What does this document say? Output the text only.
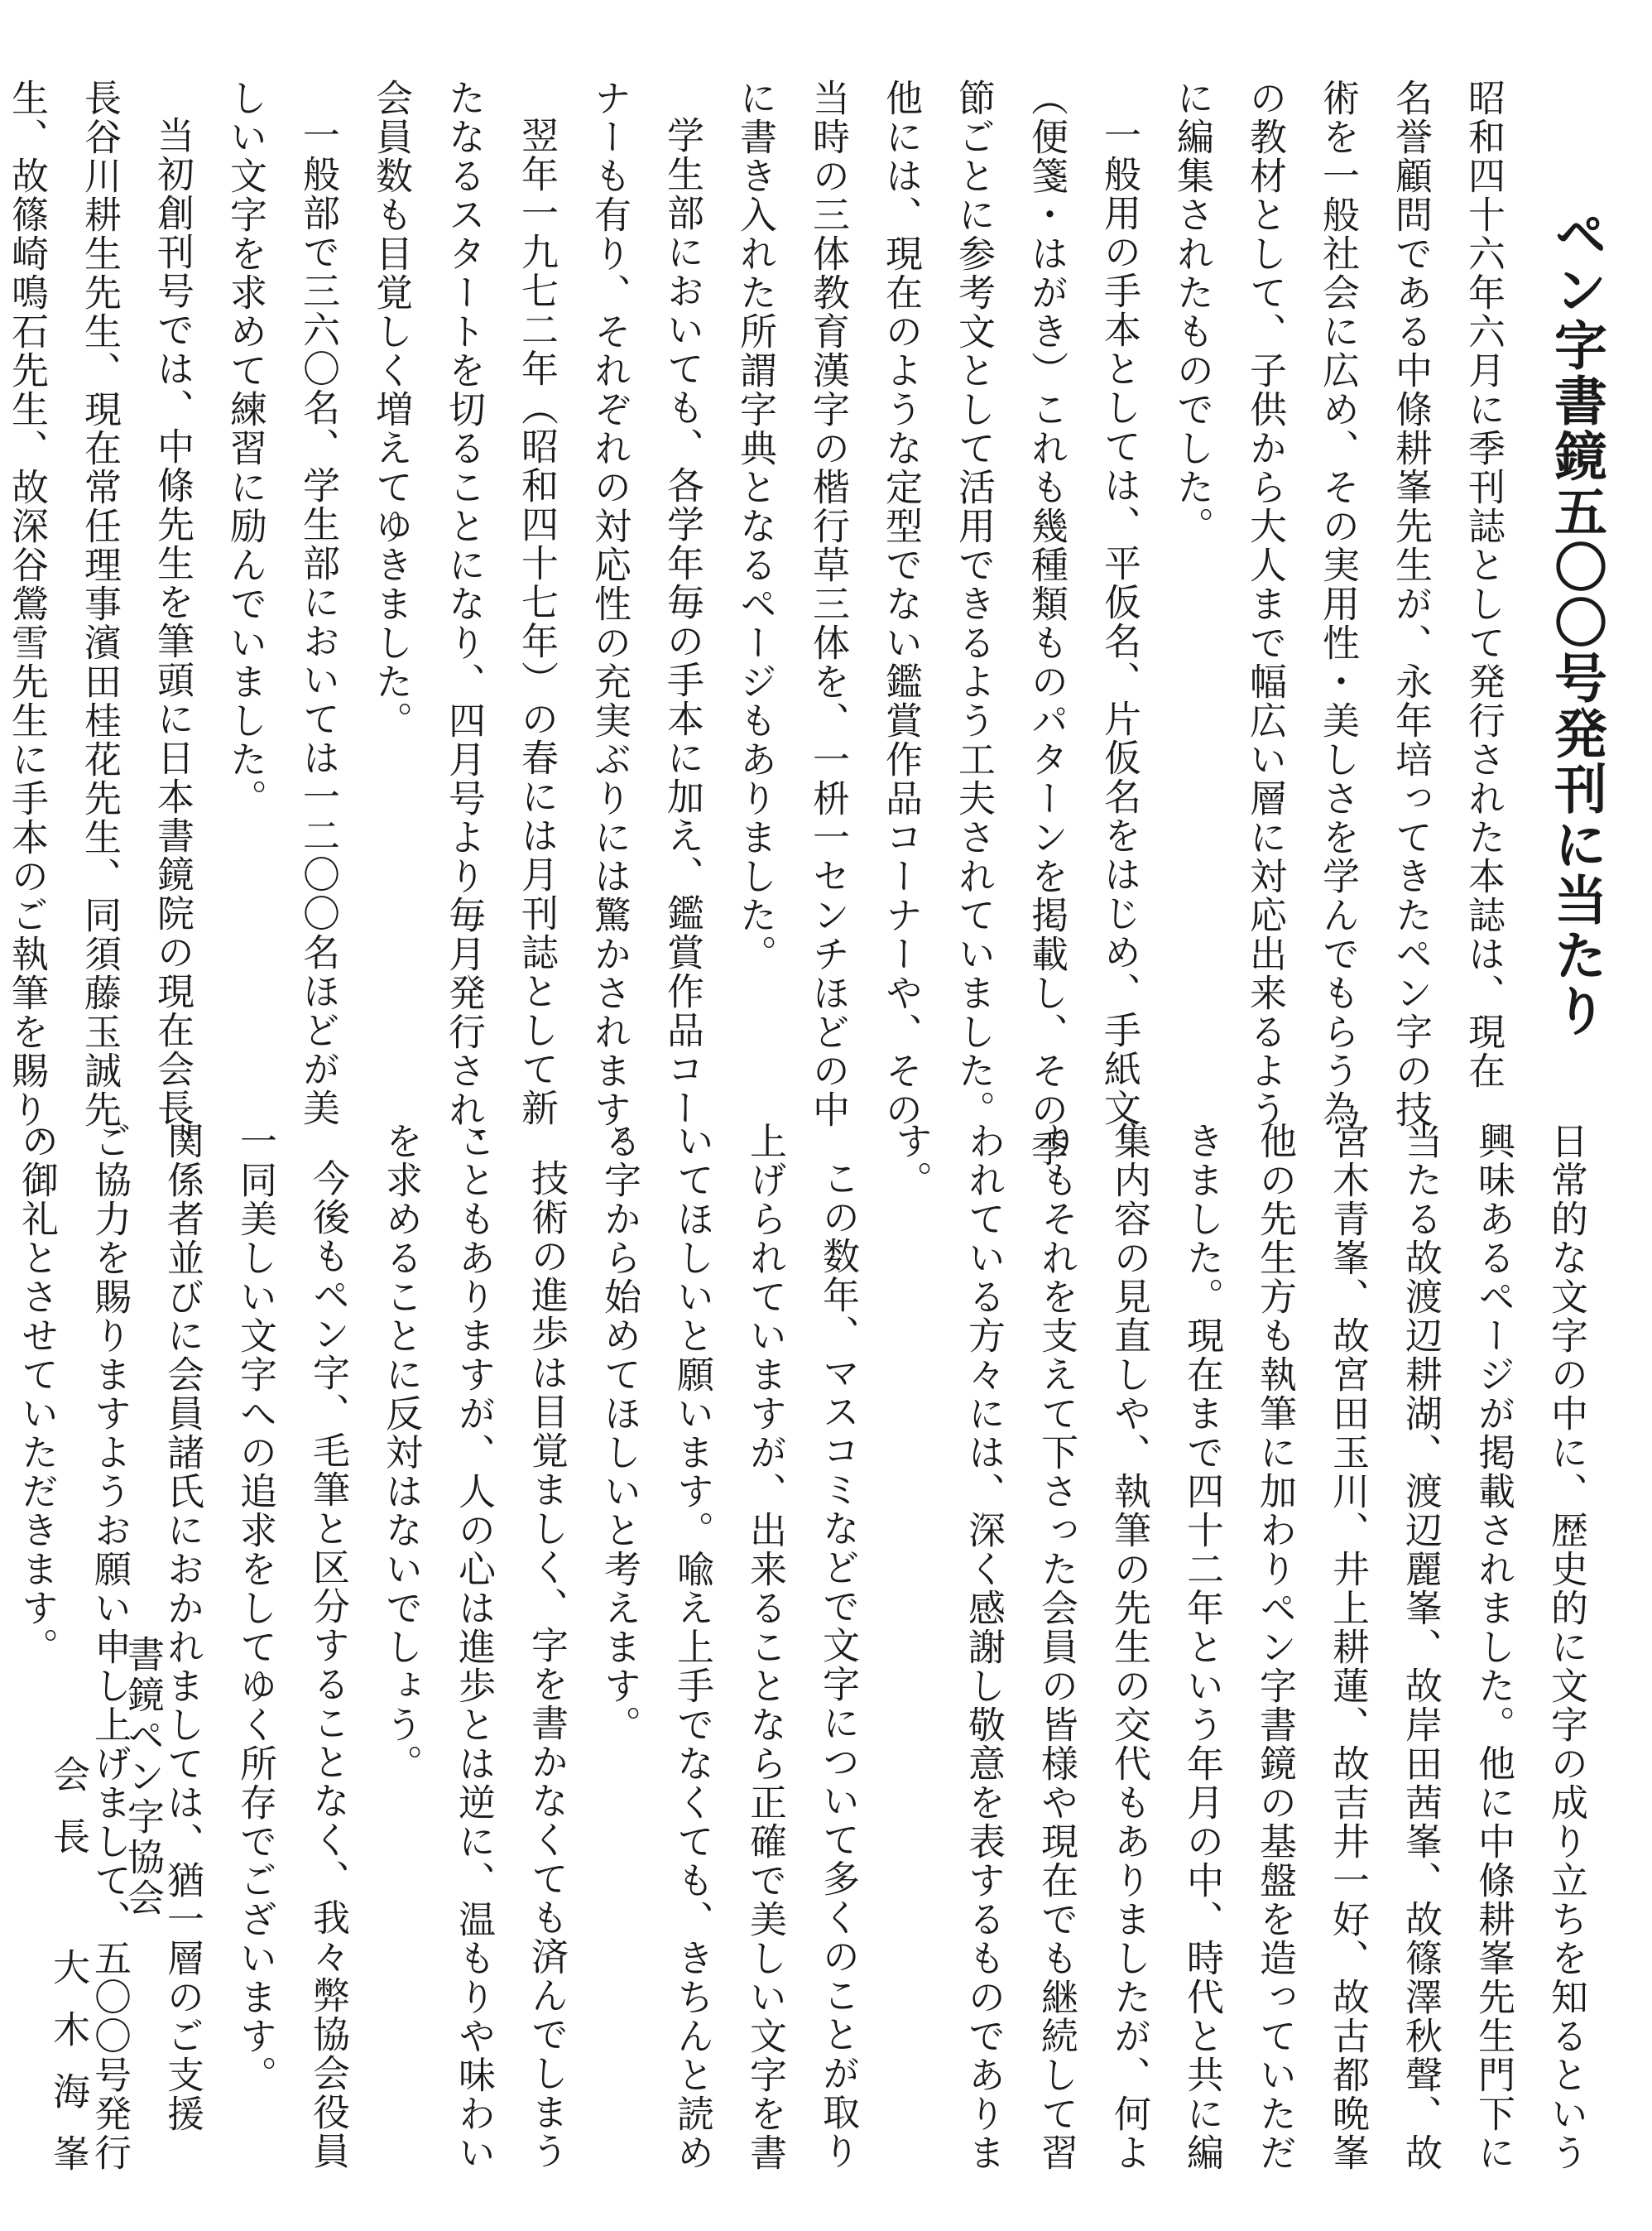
ペン字書鏡五〇〇号発刊に当たり

昭和四十六年六月に季刊誌として発行された本誌は、現在

名誉顧問である中條耕峯先生が、永年培ってきたペン字の技

術を一般社会に広め、その実用性・美しさを学んでもらう為

の教材として、子供から大人まで幅広い層に対応出来るよう

に編集されたものでした。

一般用の手本としては、平仮名、片仮名をはじめ、手紙文

（便箋・はがき）これも幾種類ものパターンを掲載し、その季

節ごとに参考文として活用できるよう工夫されていました。

他には、現在のような定型でない鑑賞作品コーナーや、その

当時の三体教育漢字の楷行草三体を、一枡一センチほどの中

に書き入れた所謂字典となるページもありました。

学生部においても、各学年毎の手本に加え、鑑賞作品コー

ナーも有り、それぞれの対応性の充実ぶりには驚かされます。

翌年一九七二年（昭和四十七年）の春には月刊誌として新

たなるスタートを切ることになり、四月号より毎月発行され、

会員数も目覚しく増えてゆきました。

一般部で三六〇名、学生部においては一二〇〇名ほどが美

しい文字を求めて練習に励んでいました。

当初創刊号では、中條先生を筆頭に日本書鏡院の現在会長、

長谷川耕生先生、現在常任理事濱田桂花先生、同須藤玉誠先

生、故篠崎鳴石先生、故深谷鶯雪先生に手本のご執筆を賜り、

日常的な文字の中に、歴史的に文字の成り立ちを知るという

興味あるページが掲載されました。他に中條耕峯先生門下に

当たる故渡辺耕湖、渡辺麗峯、故岸田茜峯、故篠澤秋聲、故

宮木青峯、故宮田玉川、井上耕蓮、故吉井一好、故古都晩峯

他の先生方も執筆に加わりペン字書鏡の基盤を造っていただ

きました。現在まで四十二年という年月の中、時代と共に編

集内容の見直しや、執筆の先生の交代もありましたが、何よ

りもそれを支えて下さった会員の皆様や現在でも継続して習

われている方々には、深く感謝し敬意を表するものでありま

す。

この数年、マスコミなどで文字について多くのことが取り

上げられていますが、出来ることなら正確で美しい文字を書

いてほしいと願います。喩え上手でなくても、きちんと読め

る字から始めてほしいと考えます。

技術の進歩は目覚ましく、字を書かなくても済んでしまう

こともありますが、人の心は進歩とは逆に、温もりや味わい

を求めることに反対はないでしょう。

今後もペン字、毛筆と区分することなく、我々弊協会役員

一同美しい文字への追求をしてゆく所存でございます。

関係者並びに会員諸氏におかれましては、猶一層のご支援

ご協力を賜りますようお願い申し上げまして、五〇〇号発行

の御礼とさせていただきます。

書鏡ペン字協会
会長 大木海峯
